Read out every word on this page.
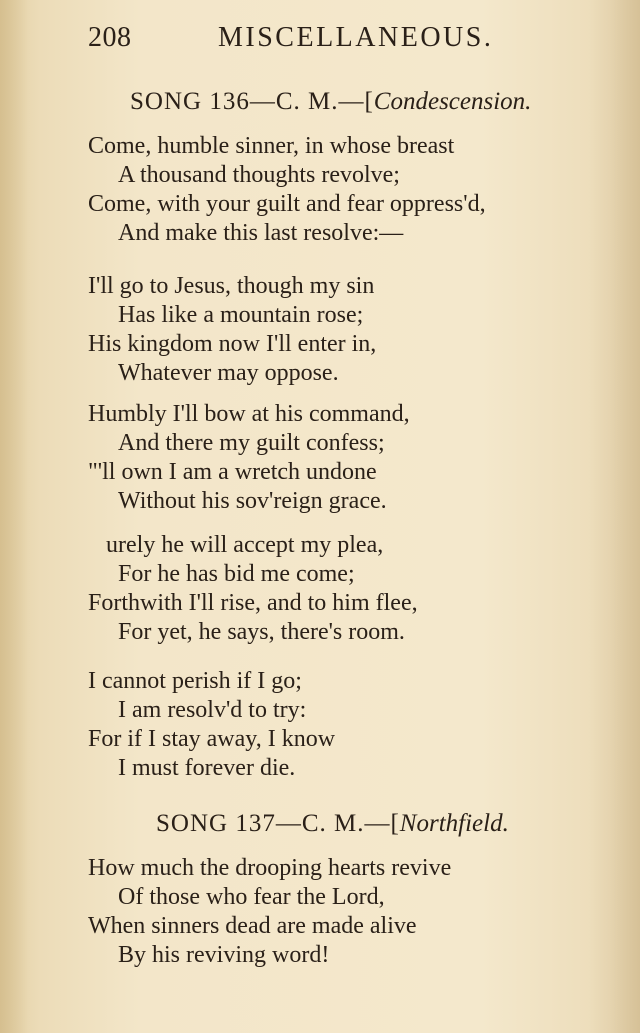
208	MISCELLANEOUS.
SONG 136—C. M.—[Condescension.
Come, humble sinner, in whose breast
A thousand thoughts revolve;
Come, with your guilt and fear oppress'd,
And make this last resolve:—
I'll go to Jesus, though my sin
Has like a mountain rose;
His kingdom now I'll enter in,
Whatever may oppose.
Humbly I'll bow at his command,
And there my guilt confess;
"'ll own I am a wretch undone
Without his sov'reign grace.
urely he will accept my plea,
For he has bid me come;
Forthwith I'll rise, and to him flee,
For yet, he says, there's room.
I cannot perish if I go;
I am resolv'd to try:
For if I stay away, I know
I must forever die.
SONG 137—C. M.—[Northfield.
How much the drooping hearts revive
Of those who fear the Lord,
When sinners dead are made alive
By his reviving word!
